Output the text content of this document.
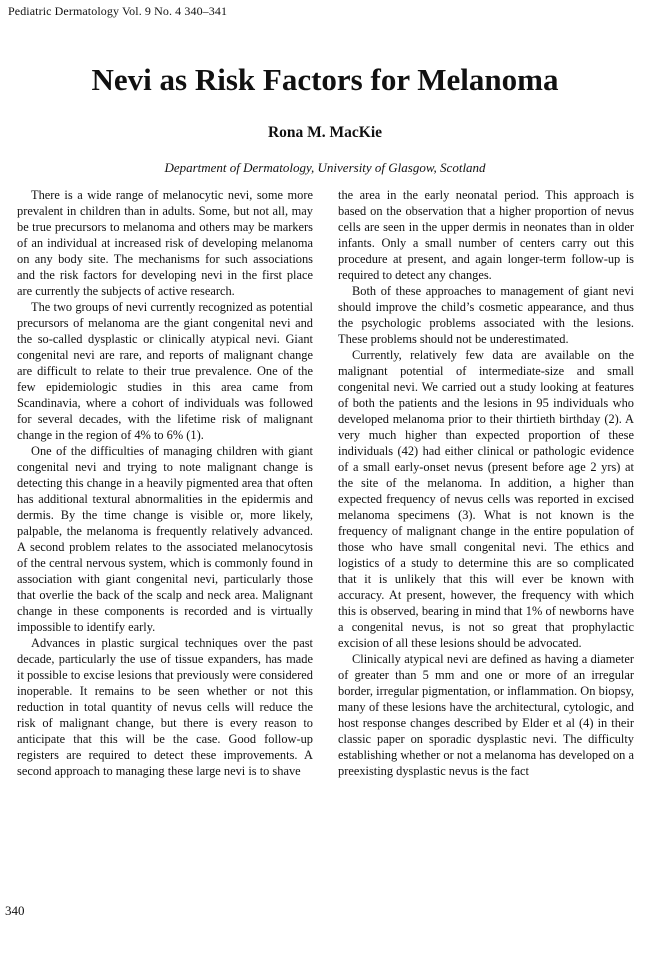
Pediatric Dermatology Vol. 9 No. 4 340–341
Nevi as Risk Factors for Melanoma
Rona M. MacKie
Department of Dermatology, University of Glasgow, Scotland

There is a wide range of melanocytic nevi, some more prevalent in children than in adults. Some, but not all, may be true precursors to melanoma and others may be markers of an individual at increased risk of developing melanoma on any body site. The mechanisms for such associations and the risk factors for developing nevi in the first place are currently the subjects of active research.

The two groups of nevi currently recognized as potential precursors of melanoma are the giant congenital nevi and the so-called dysplastic or clinically atypical nevi. Giant congenital nevi are rare, and reports of malignant change are difficult to relate to their true prevalence. One of the few epidemiologic studies in this area came from Scandinavia, where a cohort of individuals was followed for several decades, with the lifetime risk of malignant change in the region of 4% to 6% (1).

One of the difficulties of managing children with giant congenital nevi and trying to note malignant change is detecting this change in a heavily pigmented area that often has additional textural abnormalities in the epidermis and dermis. By the time change is visible or, more likely, palpable, the melanoma is frequently relatively advanced. A second problem relates to the associated melanocytosis of the central nervous system, which is commonly found in association with giant congenital nevi, particularly those that overlie the back of the scalp and neck area. Malignant change in these components is recorded and is virtually impossible to identify early.

Advances in plastic surgical techniques over the past decade, particularly the use of tissue expanders, has made it possible to excise lesions that previously were considered inoperable. It remains to be seen whether or not this reduction in total quantity of nevus cells will reduce the risk of malignant change, but there is every reason to anticipate that this will be the case. Good follow-up registers are required to detect these improvements. A second approach to managing these large nevi is to shave

the area in the early neonatal period. This approach is based on the observation that a higher proportion of nevus cells are seen in the upper dermis in neonates than in older infants. Only a small number of centers carry out this procedure at present, and again longer-term follow-up is required to detect any changes.

Both of these approaches to management of giant nevi should improve the child’s cosmetic appearance, and thus the psychologic problems associated with the lesions. These problems should not be underestimated.

Currently, relatively few data are available on the malignant potential of intermediate-size and small congenital nevi. We carried out a study looking at features of both the patients and the lesions in 95 individuals who developed melanoma prior to their thirtieth birthday (2). A very much higher than expected proportion of these individuals (42) had either clinical or pathologic evidence of a small early-onset nevus (present before age 2 yrs) at the site of the melanoma. In addition, a higher than expected frequency of nevus cells was reported in excised melanoma specimens (3). What is not known is the frequency of malignant change in the entire population of those who have small congenital nevi. The ethics and logistics of a study to determine this are so complicated that it is unlikely that this will ever be known with accuracy. At present, however, the frequency with which this is observed, bearing in mind that 1% of newborns have a congenital nevus, is not so great that prophylactic excision of all these lesions should be advocated.

Clinically atypical nevi are defined as having a diameter of greater than 5 mm and one or more of an irregular border, irregular pigmentation, or inflammation. On biopsy, many of these lesions have the architectural, cytologic, and host response changes described by Elder et al (4) in their classic paper on sporadic dysplastic nevi. The difficulty establishing whether or not a melanoma has developed on a preexisting dysplastic nevus is the fact

340
